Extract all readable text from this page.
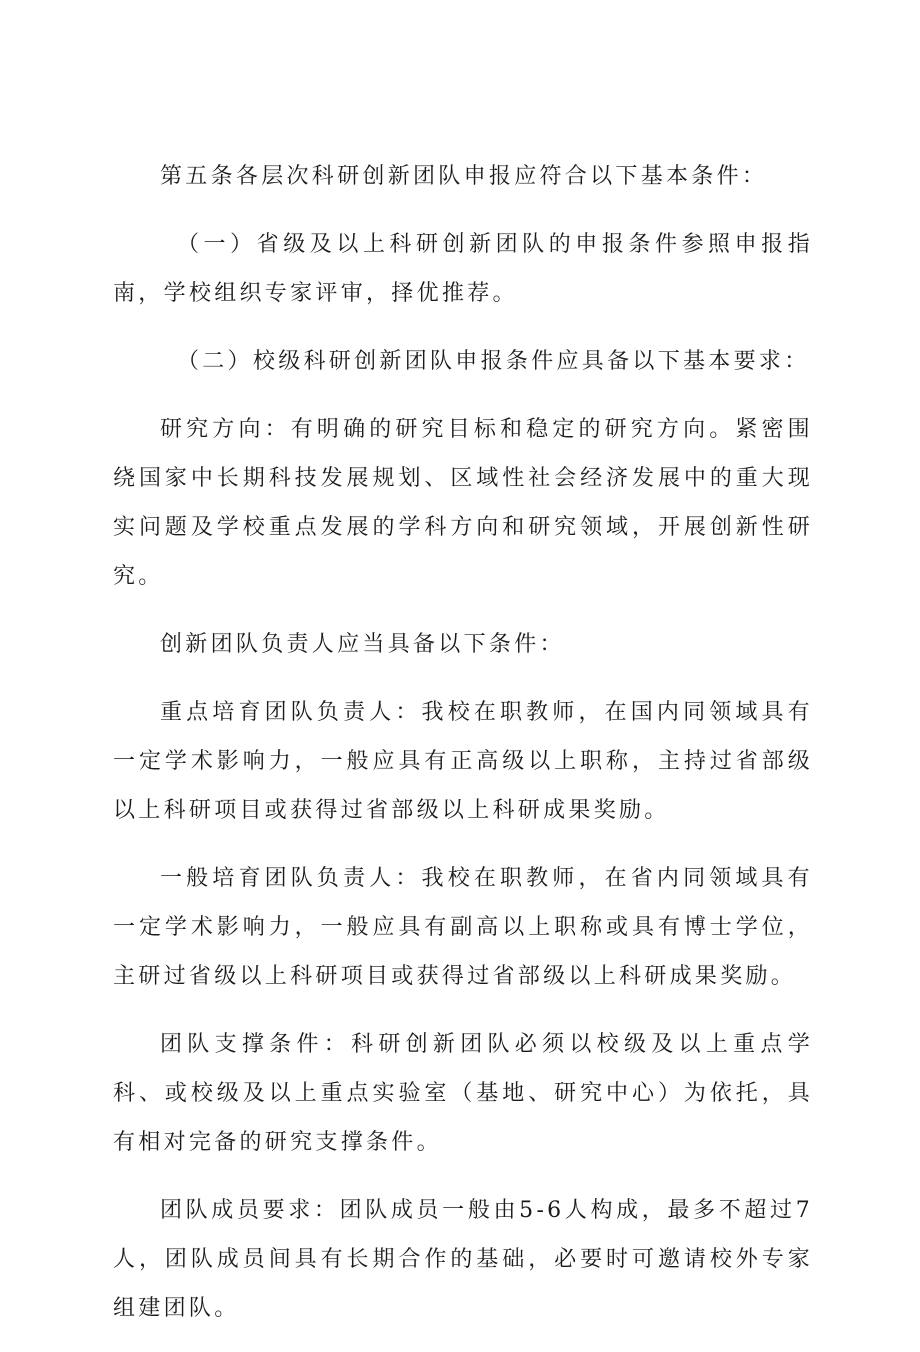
第五条各层次科研创新团队申报应符合以下基本条件：

（一）省级及以上科研创新团队的申报条件参照申报指南，学校组织专家评审，择优推荐。

（二）校级科研创新团队申报条件应具备以下基本要求：

研究方向：有明确的研究目标和稳定的研究方向。紧密围绕国家中长期科技发展规划、区域性社会经济发展中的重大现实问题及学校重点发展的学科方向和研究领域，开展创新性研究。

创新团队负责人应当具备以下条件：

重点培育团队负责人：我校在职教师，在国内同领域具有一定学术影响力，一般应具有正高级以上职称，主持过省部级以上科研项目或获得过省部级以上科研成果奖励。

一般培育团队负责人：我校在职教师，在省内同领域具有一定学术影响力，一般应具有副高以上职称或具有博士学位，主研过省级以上科研项目或获得过省部级以上科研成果奖励。

团队支撑条件：科研创新团队必须以校级及以上重点学科、或校级及以上重点实验室（基地、研究中心）为依托，具有相对完备的研究支撑条件。

团队成员要求：团队成员一般由5-6人构成，最多不超过7人，团队成员间具有长期合作的基础，必要时可邀请校外专家组建团队。
